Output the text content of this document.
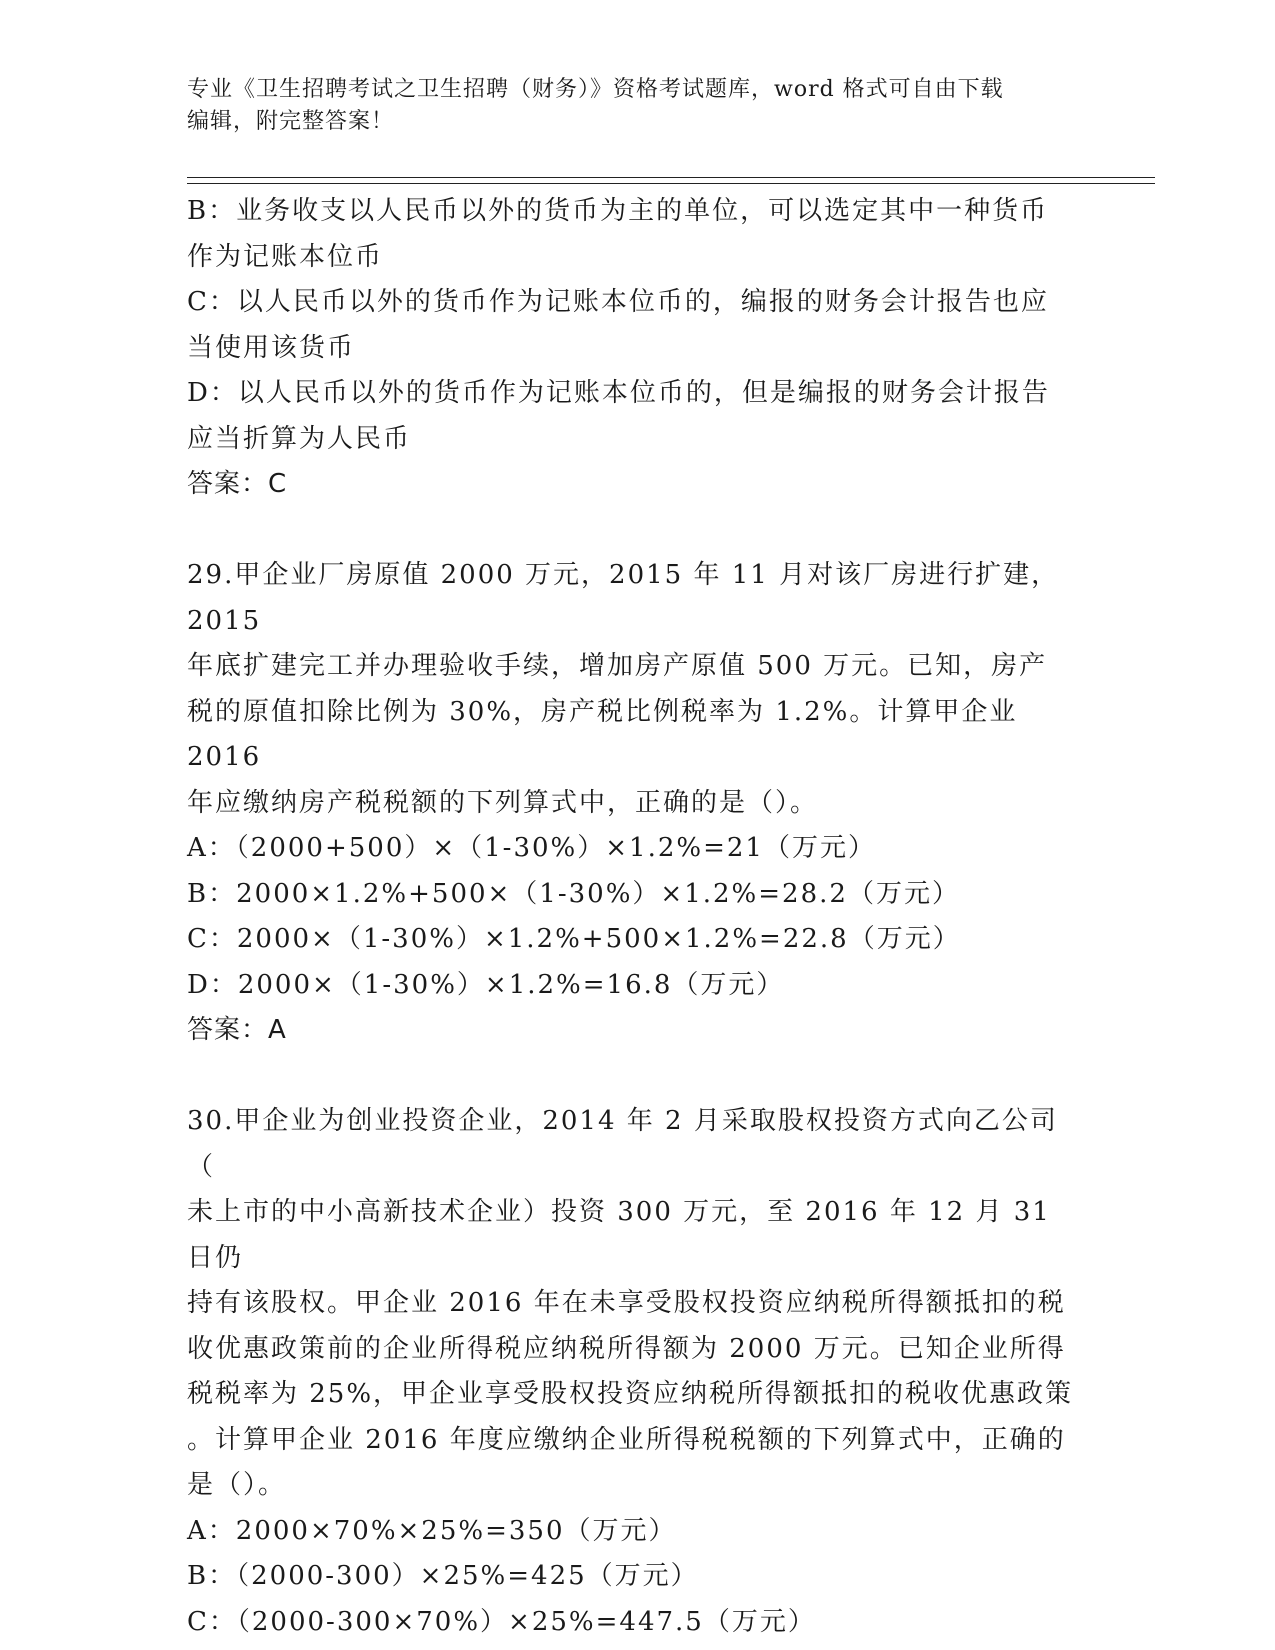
专业《卫生招聘考试之卫生招聘（财务）》资格考试题库，word 格式可自由下载
编辑，附完整答案！

B：业务收支以人民币以外的货币为主的单位，可以选定其中一种货币

作为记账本位币

C：以人民币以外的货币作为记账本位币的，编报的财务会计报告也应

当使用该货币

D：以人民币以外的货币作为记账本位币的，但是编报的财务会计报告

应当折算为人民币

答案：C

29.甲企业厂房原值 2000 万元，2015 年 11 月对该厂房进行扩建，2015

年底扩建完工并办理验收手续，增加房产原值 500 万元。已知，房产

税的原值扣除比例为 30%，房产税比例税率为 1.2%。计算甲企业 2016

年应缴纳房产税税额的下列算式中，正确的是（）。

A：（2000+500）×（1-30%）×1.2%=21（万元）

B：2000×1.2%+500×（1-30%）×1.2%=28.2（万元）

C：2000×（1-30%）×1.2%+500×1.2%=22.8（万元）

D：2000×（1-30%）×1.2%=16.8（万元）

答案：A

30.甲企业为创业投资企业，2014 年 2 月采取股权投资方式向乙公司（

未上市的中小高新技术企业）投资 300 万元，至 2016 年 12 月 31 日仍

持有该股权。甲企业 2016 年在未享受股权投资应纳税所得额抵扣的税

收优惠政策前的企业所得税应纳税所得额为 2000 万元。已知企业所得

税税率为 25%，甲企业享受股权投资应纳税所得额抵扣的税收优惠政策

。计算甲企业 2016 年度应缴纳企业所得税税额的下列算式中，正确的

是（）。

A：2000×70%×25%=350（万元）

B：（2000-300）×25%=425（万元）

C：（2000-300×70%）×25%=447.5（万元）
